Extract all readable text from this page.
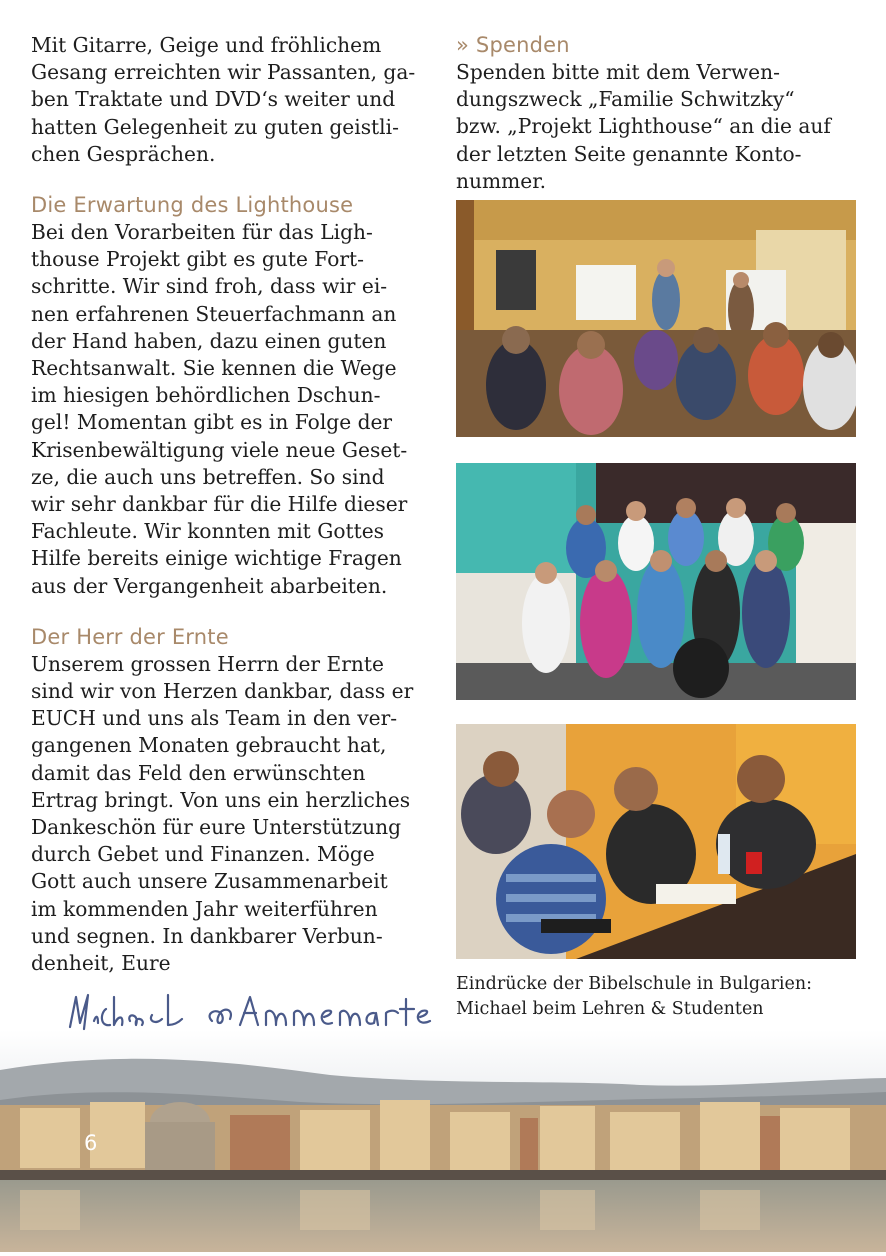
Mit Gitarre, Geige und fröhlichem
Gesang erreichten wir Passanten, ga-
ben Traktate und DVD‘s weiter und
hatten Gelegenheit zu guten geistli-
chen Gesprächen.

Die Erwartung des Lighthouse

Bei den Vorarbeiten für das Ligh-
thouse Projekt gibt es gute Fort-
schritte. Wir sind froh, dass wir ei-
nen erfahrenen Steuerfachmann an
der Hand haben, dazu einen guten
Rechtsanwalt. Sie kennen die Wege
im hiesigen behördlichen Dschun-
gel! Momentan gibt es in Folge der
Krisenbewältigung viele neue Geset-
ze, die auch uns betreffen. So sind
wir sehr dankbar für die Hilfe dieser
Fachleute. Wir konnten mit Gottes
Hilfe bereits einige wichtige Fragen
aus der Vergangenheit abarbeiten.

Der Herr der Ernte

Unserem grossen Herrn der Ernte
sind wir von Herzen dankbar, dass er
EUCH und uns als Team in den ver-
gangenen Monaten gebraucht hat,
damit das Feld den erwünschten
Ertrag bringt. Von uns ein herzliches
Dankeschön für eure Unterstützung
durch Gebet und Finanzen. Möge
Gott auch unsere Zusammenarbeit
im kommenden Jahr weiterführen
und segnen. In dankbarer Verbun-
denheit, Eure

» Spenden

Spenden bitte mit dem Verwen-
dungszweck „Familie Schwitzky“
bzw. „Projekt Lighthouse“ an die auf
der letzten Seite genannte Konto-
nummer.

Eindrücke der Bibelschule in Bulgarien:
Michael beim Lehren & Studenten
6
